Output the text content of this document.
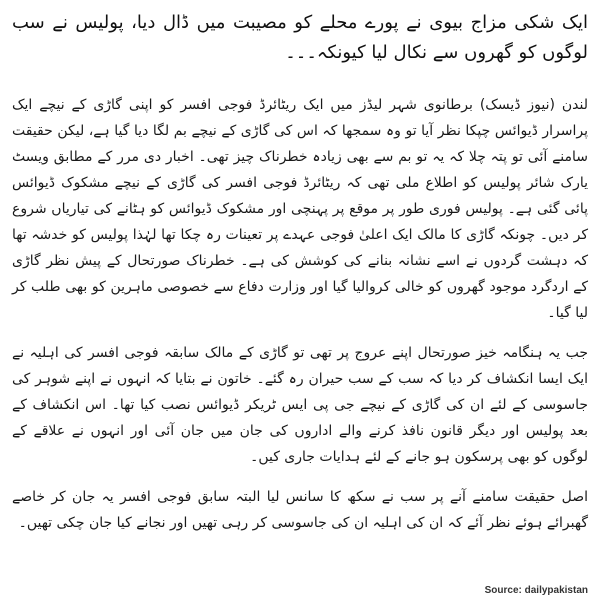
ایک شکی مزاج بیوی نے پورے محلے کو مصیبت میں ڈال دیا، پولیس نے سب لوگوں کو گھروں سے نکال لیا کیونکہ۔۔۔
لندن (نیوز ڈیسک) برطانوی شہر لیڈز میں ایک ریٹائرڈ فوجی افسر کو اپنی گاڑی کے نیچے ایک پراسرار ڈیوائس چپکا نظر آیا تو وہ سمجھا کہ اس کی گاڑی کے نیچے بم لگا دیا گیا ہے، لیکن حقیقت سامنے آئی تو پتہ چلا کہ یہ تو بم سے بھی زیادہ خطرناک چیز تھی۔ اخبار دی مرر کے مطابق ویسٹ یارک شائر پولیس کو اطلاع ملی تھی کہ ریٹائرڈ فوجی افسر کی گاڑی کے نیچے مشکوک ڈیوائس پائی گئی ہے۔ پولیس فوری طور پر موقع پر پہنچی اور مشکوک ڈیوائس کو ہٹانے کی تیاریاں شروع کر دیں۔ چونکہ گاڑی کا مالک ایک اعلیٰ فوجی عہدے پر تعینات رہ چکا تھا لہٰذا پولیس کو خدشہ تھا کہ دہشت گردوں نے اسے نشانہ بنانے کی کوشش کی ہے۔ خطرناک صورتحال کے پیش نظر گاڑی کے اردگرد موجود گھروں کو خالی کروالیا گیا اور وزارت دفاع سے خصوصی ماہرین کو بھی طلب کر لیا گیا۔
جب یہ ہنگامہ خیز صورتحال اپنے عروج پر تھی تو گاڑی کے مالک سابقہ فوجی افسر کی اہلیہ نے ایک ایسا انکشاف کر دیا کہ سب کے سب حیران رہ گئے۔ خاتون نے بتایا کہ انہوں نے اپنے شوہر کی جاسوسی کے لئے ان کی گاڑی کے نیچے جی پی ایس ٹریکر ڈیوائس نصب کیا تھا۔ اس انکشاف کے بعد پولیس اور دیگر قانون نافذ کرنے والے اداروں کی جان میں جان آئی اور انہوں نے علاقے کے لوگوں کو بھی پرسکون ہو جانے کے لئے ہدایات جاری کیں۔
اصل حقیقت سامنے آنے پر سب نے سکھ کا سانس لیا البتہ سابق فوجی افسر یہ جان کر خاصے گھبرائے ہوئے نظر آئے کہ ان کی اہلیہ ان کی جاسوسی کر رہی تھیں اور نجانے کیا جان چکی تھیں۔
Source: dailypakistan
